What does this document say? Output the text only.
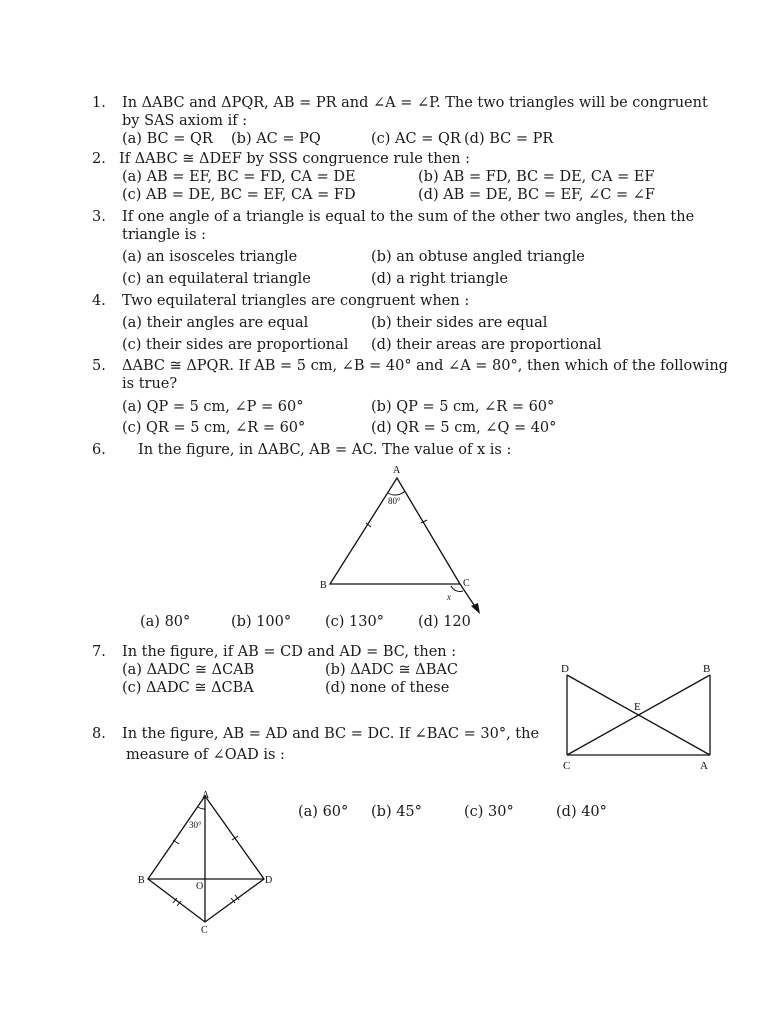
1. In ΔABC and ΔPQR, AB = PR and ∠A = ∠P. The two triangles will be congruent
by SAS axiom if :
(a) BC = QR (b) AC = PQ	(c) AC = QR (d) BC = PR
2. If ΔABC ≅ ΔDEF by SSS congruence rule then :
(a) AB = EF, BC = FD, CA = DE	(b) AB = FD, BC = DE, CA = EF
(c) AB = DE, BC = EF, CA = FD	(d) AB = DE, BC = EF, ∠C = ∠F
3. If one angle of a triangle is equal to the sum of the other two angles, then the
triangle is :
(a) an isosceles triangle	(b) an obtuse angled triangle
(c) an equilateral triangle	(d) a right triangle
4. Two equilateral triangles are congruent when :
(a) their angles are equal	(b) their sides are equal
(c) their sides are proportional (d) their areas are proportional
5. ΔABC ≅ ΔPQR. If AB = 5 cm, ∠B = 40° and ∠A = 80°, then which of the following
is true?
(a) QP = 5 cm, ∠P = 60°	(b) QP = 5 cm, ∠R = 60°
(c) QR = 5 cm, ∠R = 60°	(d) QR = 5 cm, ∠Q = 40°
6. In the figure, in ΔABC, AB = AC. The value of x is :
A
B	C
80°
x
(a) 80°	(b) 100° (c) 130° (d) 120
7. In the figure, if AB = CD and AD = BC, then :
(a) ΔADC ≅ ΔCAB	(b) ΔADC ≅ ΔBAC
(c) ΔADC ≅ ΔCBA	(d) none of these
D	B
E
C	A
8. In the figure, AB = AD and BC = DC. If ∠BAC = 30°, the
measure of ∠OAD is :
A
B
O
D
C
30°
(a) 60° (b) 45°	(c) 30°	(d) 40°
